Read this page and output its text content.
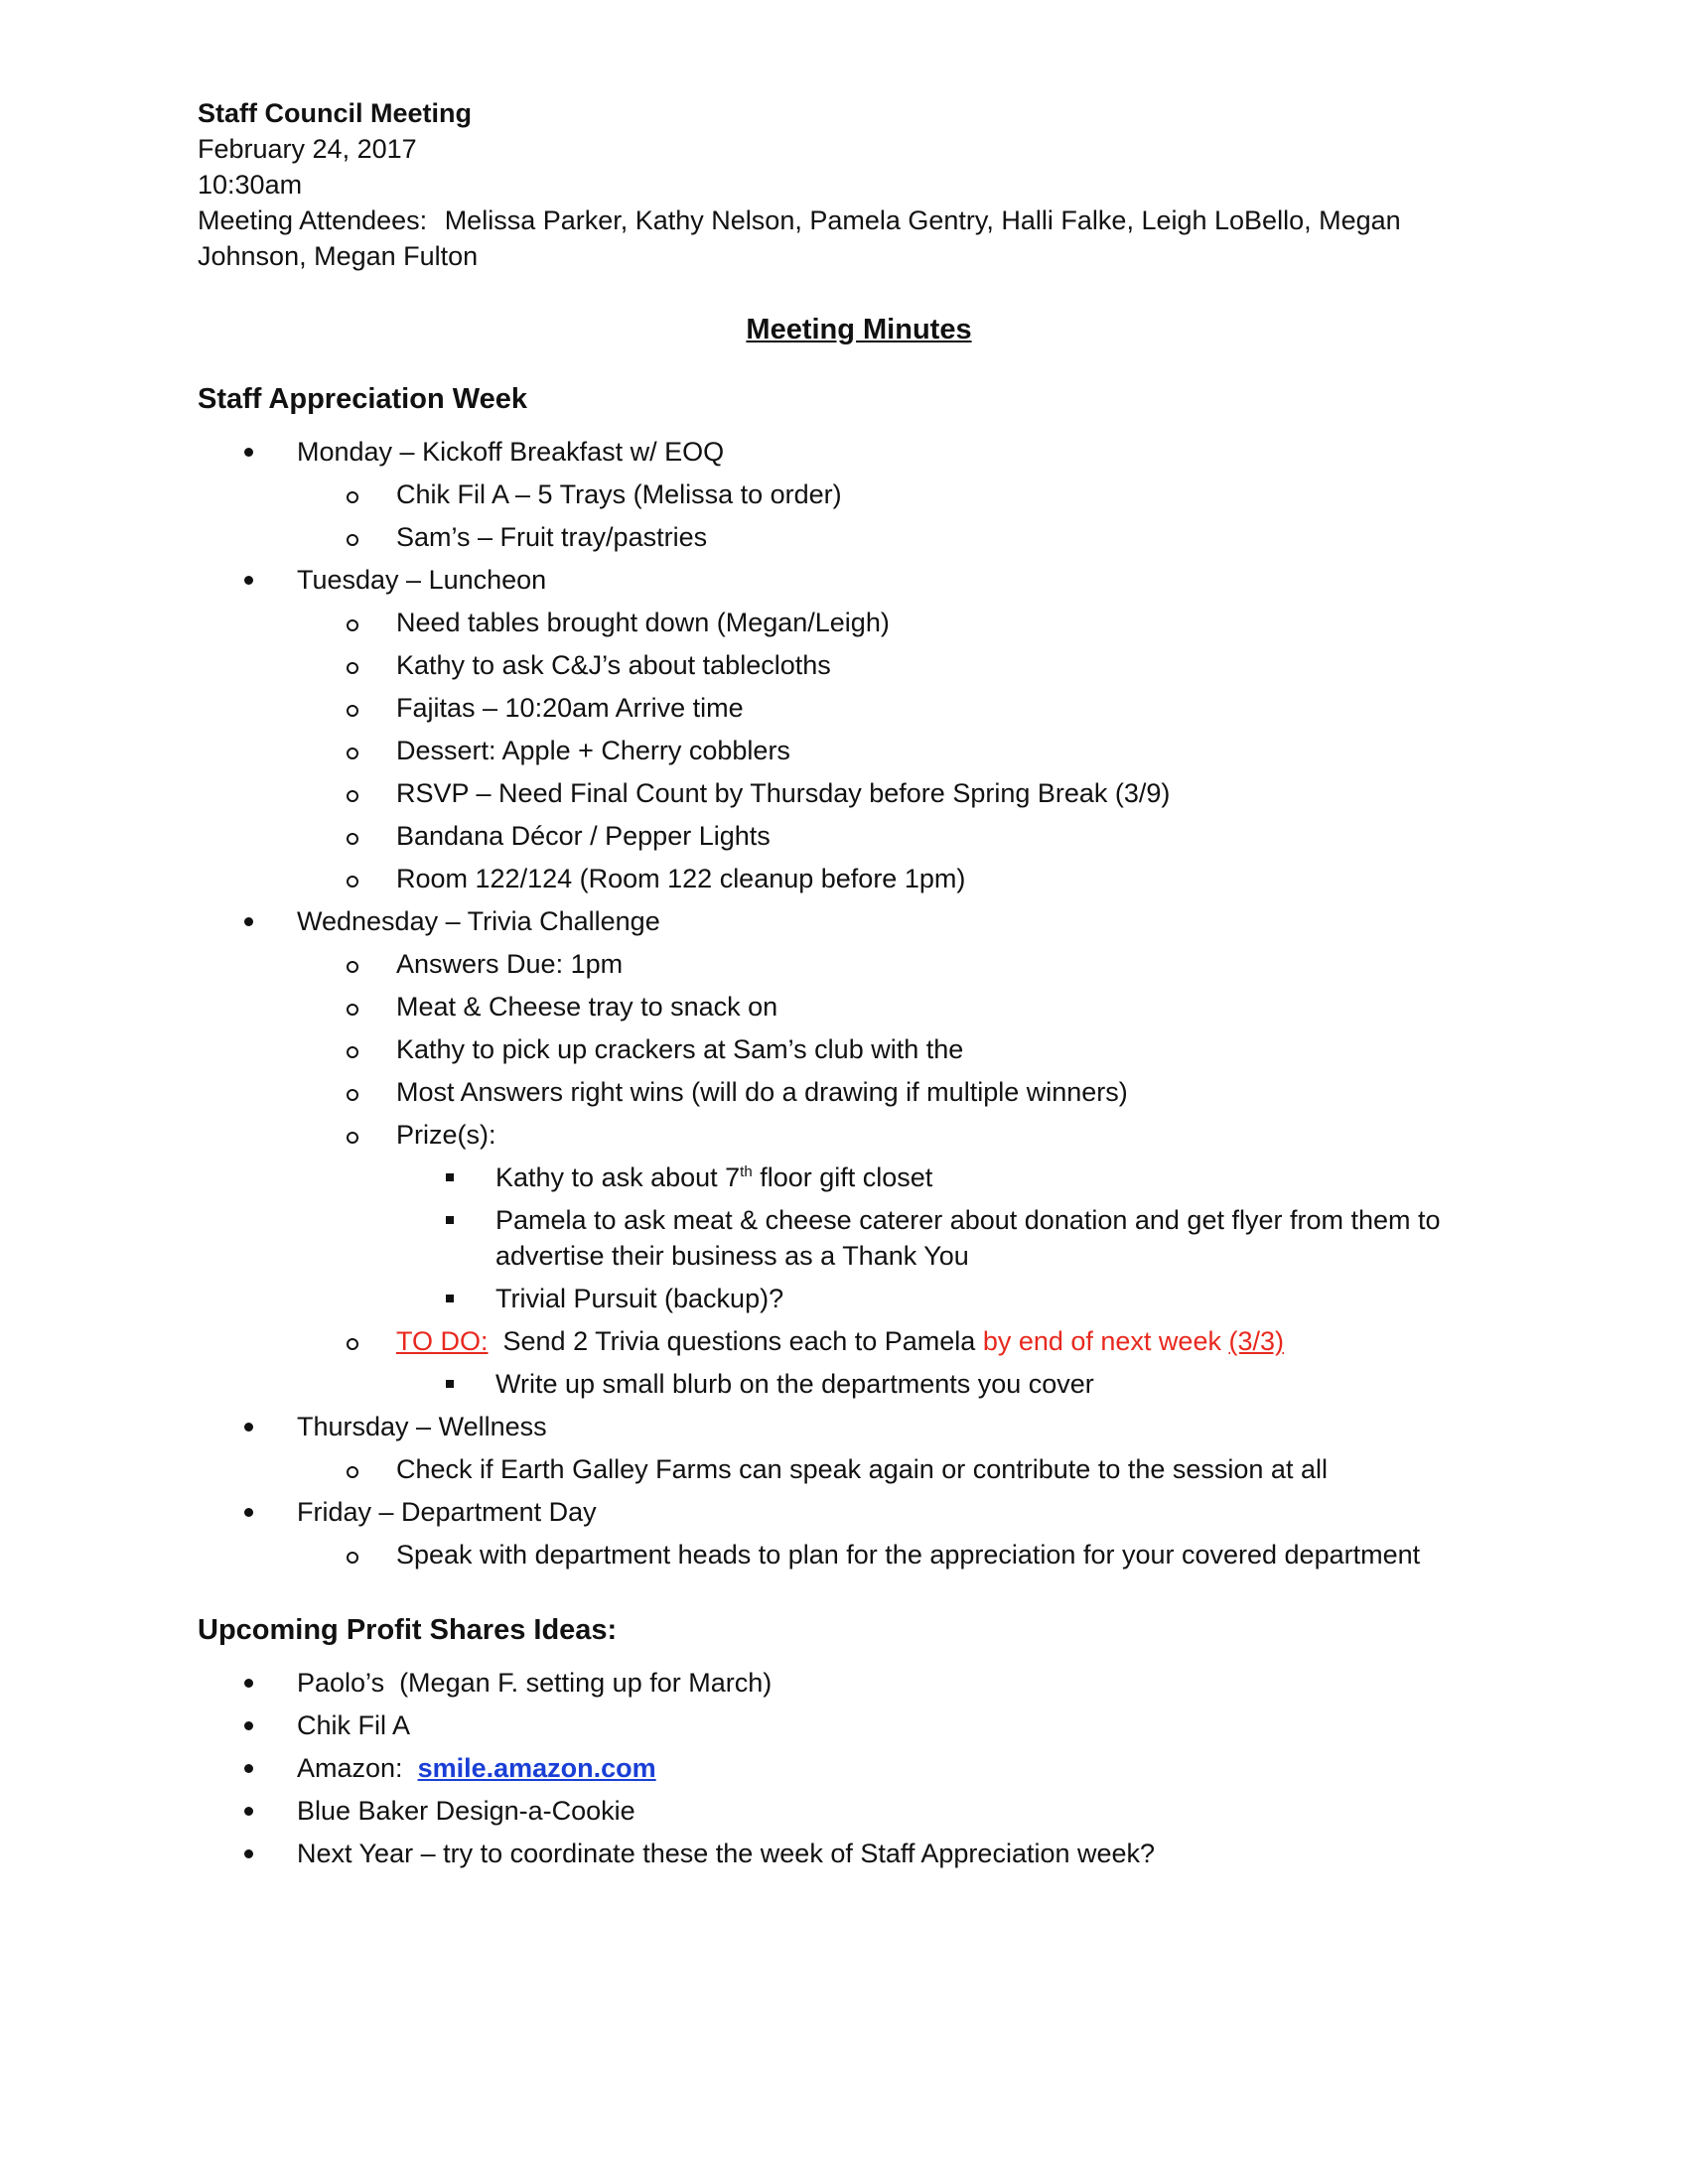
Staff Council Meeting

February 24, 2017

10:30am

Meeting Attendees: Melissa Parker, Kathy Nelson, Pamela Gentry, Halli Falke, Leigh LoBello, Megan Johnson, Megan Fulton

Meeting Minutes
Staff Appreciation Week
Monday – Kickoff Breakfast w/ EOQ
Chik Fil A – 5 Trays (Melissa to order)
Sam’s – Fruit tray/pastries
Tuesday – Luncheon
Need tables brought down (Megan/Leigh)
Kathy to ask C&J’s about tablecloths
Fajitas – 10:20am Arrive time
Dessert: Apple + Cherry cobblers
RSVP – Need Final Count by Thursday before Spring Break (3/9)
Bandana Décor / Pepper Lights
Room 122/124 (Room 122 cleanup before 1pm)
Wednesday – Trivia Challenge
Answers Due: 1pm
Meat & Cheese tray to snack on
Kathy to pick up crackers at Sam’s club with the
Most Answers right wins (will do a drawing if multiple winners)
Prize(s):
Kathy to ask about 7th floor gift closet
Pamela to ask meat & cheese caterer about donation and get flyer from them to advertise their business as a Thank You
Trivial Pursuit (backup)?
TO DO:  Send 2 Trivia questions each to Pamela by end of next week (3/3)
Write up small blurb on the departments you cover
Thursday – Wellness
Check if Earth Galley Farms can speak again or contribute to the session at all
Friday – Department Day
Speak with department heads to plan for the appreciation for your covered department
Upcoming Profit Shares Ideas:
Paolo’s  (Megan F. setting up for March)
Chik Fil A
Amazon:  smile.amazon.com
Blue Baker Design-a-Cookie
Next Year – try to coordinate these the week of Staff Appreciation week?
